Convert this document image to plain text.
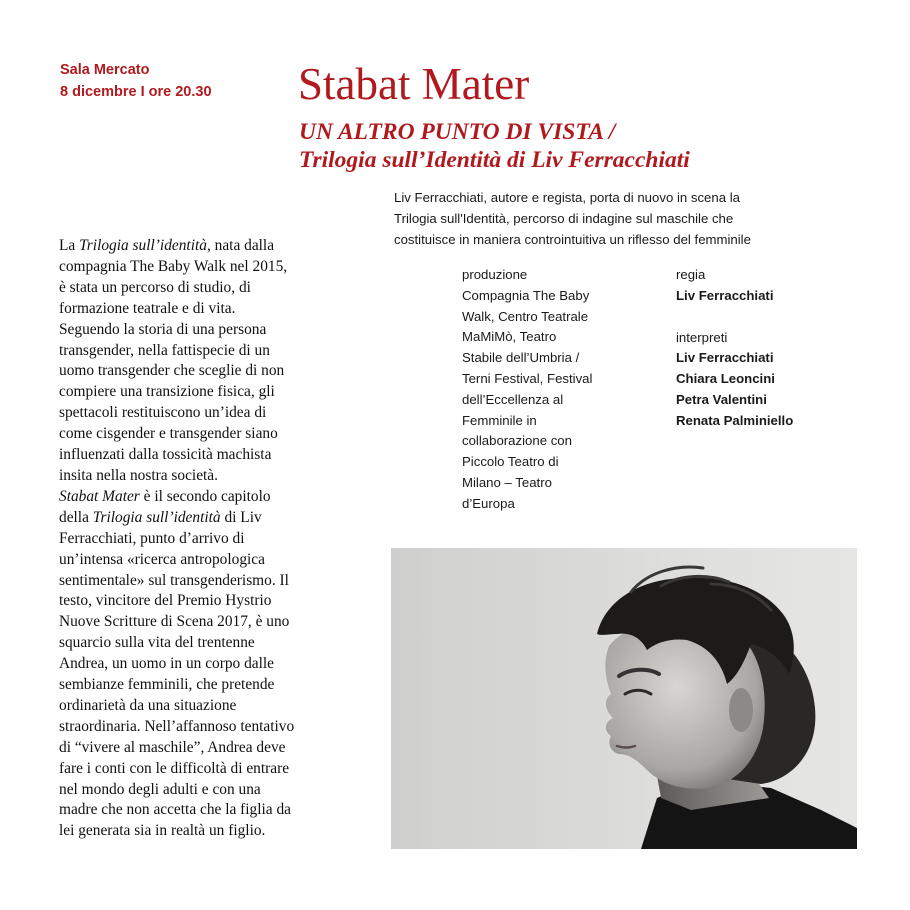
Sala Mercato
8 dicembre I ore 20.30 Stabat Mater
UN ALTRO PUNTO DI VISTA /
Trilogia sull’Identità di Liv Ferracchiati
Liv Ferracchiati, autore e regista, porta di nuovo in scena la
Trilogia sull'Identità, percorso di indagine sul maschile che
costituisce in maniera controintuitiva un riflesso del femminile
La Trilogia sull’identità, nata dalla
compagnia The Baby Walk nel 2015,
è stata un percorso di studio, di
formazione teatrale e di vita.
Seguendo la storia di una persona
transgender, nella fattispecie di un
uomo transgender che sceglie di non
compiere una transizione fisica, gli
spettacoli restituiscono un’idea di
come cisgender e transgender siano
influenzati dalla tossicità machista
insita nella nostra società.
Stabat Mater è il secondo capitolo
della Trilogia sull’identità di Liv
Ferracchiati, punto d’arrivo di
un’intensa «ricerca antropologica
sentimentale» sul transgenderismo. Il
testo, vincitore del Premio Hystrio
Nuove Scritture di Scena 2017, è uno
squarcio sulla vita del trentenne
Andrea, un uomo in un corpo dalle
sembianze femminili, che pretende
ordinarietà da una situazione
straordinaria. Nell’affannoso tentativo
di “vivere al maschile”, Andrea deve
fare i conti con le difficoltà di entrare
nel mondo degli adulti e con una
madre che non accetta che la figlia da
lei generata sia in realtà un figlio.
produzione
Compagnia The Baby
Walk, Centro Teatrale
MaMiMò, Teatro
Stabile dell’Umbria /
Terni Festival, Festival
dell’Eccellenza al
Femminile in
collaborazione con
Piccolo Teatro di
Milano – Teatro
d’Europa
regia
Liv Ferracchiati
interpreti
Liv Ferracchiati
Chiara Leoncini
Petra Valentini
Renata Palminiello
